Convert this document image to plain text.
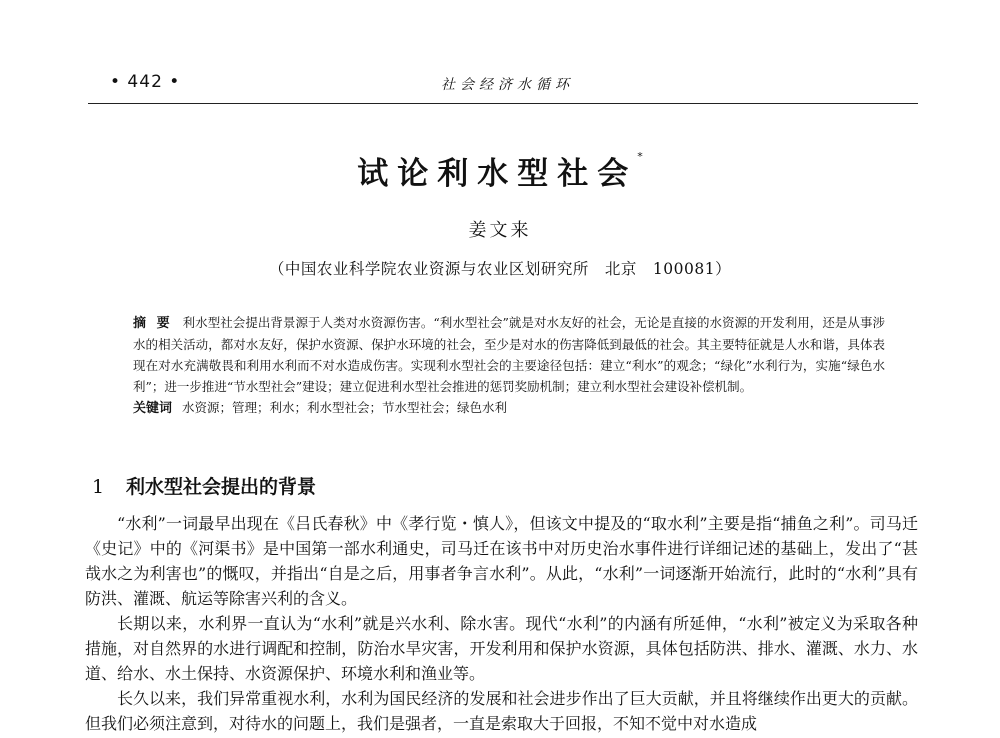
• 442 •	社会经济水循环
试论利水型社会*
姜文来
（中国农业科学院农业资源与农业区划研究所　北京　100081）

摘 要 利水型社会提出背景源于人类对水资源伤害。“利水型社会”就是对水友好的社会，无论是直接的水资源的开发利用，还是从事涉水的相关活动，都对水友好，保护水资源、保护水环境的社会，至少是对水的伤害降低到最低的社会。其主要特征就是人水和谐，具体表现在对水充满敬畏和利用水利而不对水造成伤害。实现利水型社会的主要途径包括：建立“利水”的观念；“绿化”水利行为，实施“绿色水利”；进一步推进“节水型社会”建设；建立促进利水型社会推进的惩罚奖励机制；建立利水型社会建设补偿机制。

关键词 水资源；管理；利水；利水型社会；节水型社会；绿色水利

1 利水型社会提出的背景

“水利”一词最早出现在《吕氏春秋》中《孝行览・慎人》，但该文中提及的“取水利”主要是指“捕鱼之利”。司马迁《史记》中的《河渠书》是中国第一部水利通史，司马迁在该书中对历史治水事件进行详细记述的基础上，发出了“甚哉水之为利害也”的慨叹，并指出“自是之后，用事者争言水利”。从此，“水利”一词逐渐开始流行，此时的“水利”具有防洪、灌溉、航运等除害兴利的含义。

长期以来，水利界一直认为“水利”就是兴水利、除水害。现代“水利”的内涵有所延伸，“水利”被定义为采取各种措施，对自然界的水进行调配和控制，防治水旱灾害，开发利用和保护水资源，具体包括防洪、排水、灌溉、水力、水道、给水、水土保持、水资源保护、环境水利和渔业等。

长久以来，我们异常重视水利，水利为国民经济的发展和社会进步作出了巨大贡献，并且将继续作出更大的贡献。但我们必须注意到，对待水的问题上，我们是强者，一直是索取大于回报，不知不觉中对水造成
